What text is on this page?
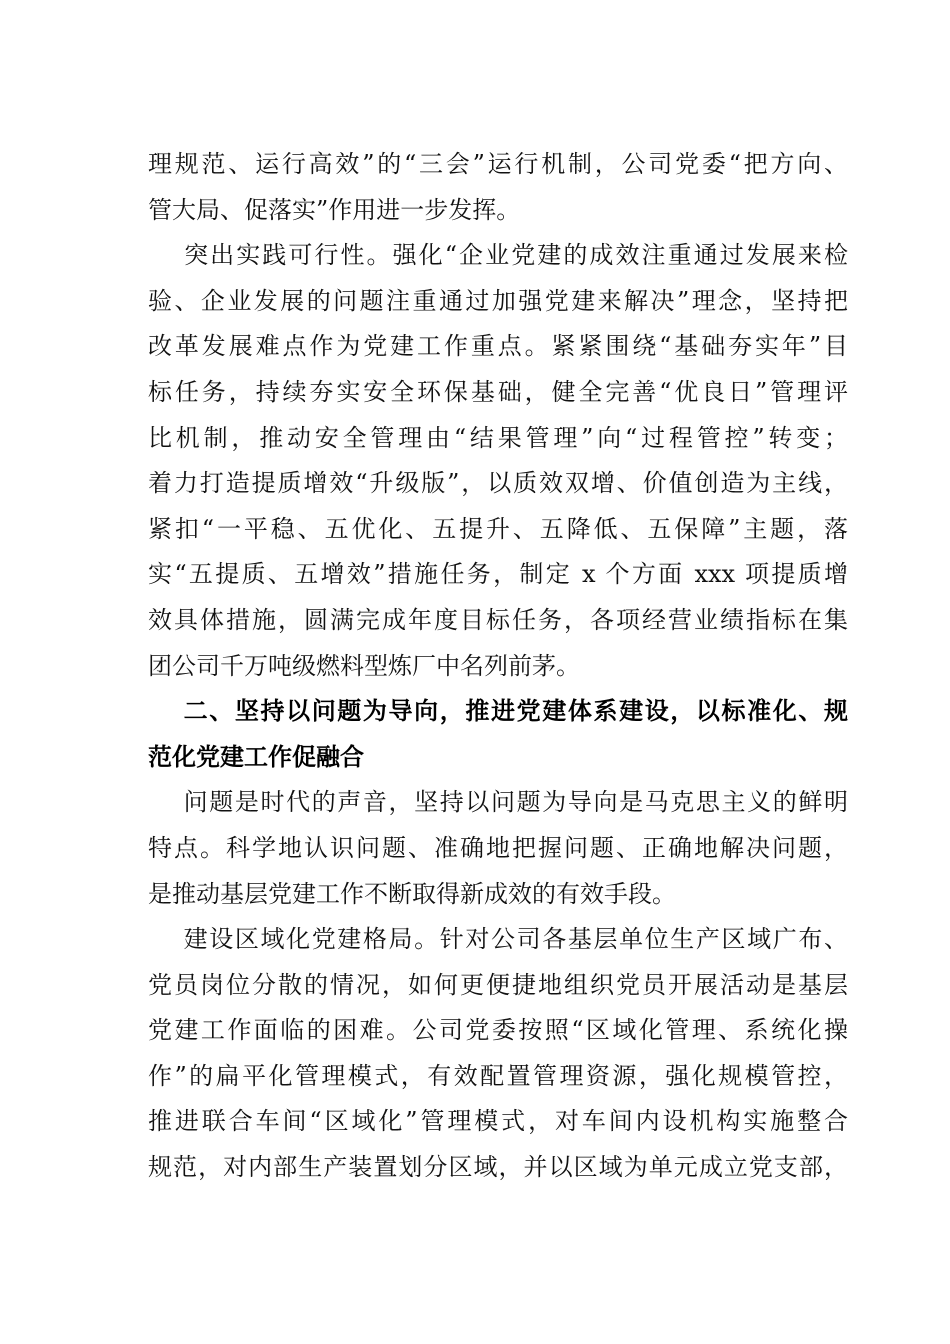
理规范、运行高效”的“三会”运行机制，公司党委“把方向、
管大局、促落实”作用进一步发挥。
　突出实践可行性。强化“企业党建的成效注重通过发展来检
验、企业发展的问题注重通过加强党建来解决”理念，坚持把
改革发展难点作为党建工作重点。紧紧围绕“基础夯实年”目
标任务，持续夯实安全环保基础，健全完善“优良日”管理评
比机制，推动安全管理由“结果管理”向“过程管控”转变；
着力打造提质增效“升级版”，以质效双增、价值创造为主线，
紧扣“一平稳、五优化、五提升、五降低、五保障”主题，落
实“五提质、五增效”措施任务，制定 x 个方面 xxx 项提质增
效具体措施，圆满完成年度目标任务，各项经营业绩指标在集
团公司千万吨级燃料型炼厂中名列前茅。
　二、坚持以问题为导向，推进党建体系建设，以标准化、规
范化党建工作促融合
　问题是时代的声音，坚持以问题为导向是马克思主义的鲜明
特点。科学地认识问题、准确地把握问题、正确地解决问题，
是推动基层党建工作不断取得新成效的有效手段。
　建设区域化党建格局。针对公司各基层单位生产区域广布、
党员岗位分散的情况，如何更便捷地组织党员开展活动是基层
党建工作面临的困难。公司党委按照“区域化管理、系统化操
作”的扁平化管理模式，有效配置管理资源，强化规模管控，
推进联合车间“区域化”管理模式，对车间内设机构实施整合
规范，对内部生产装置划分区域，并以区域为单元成立党支部，
